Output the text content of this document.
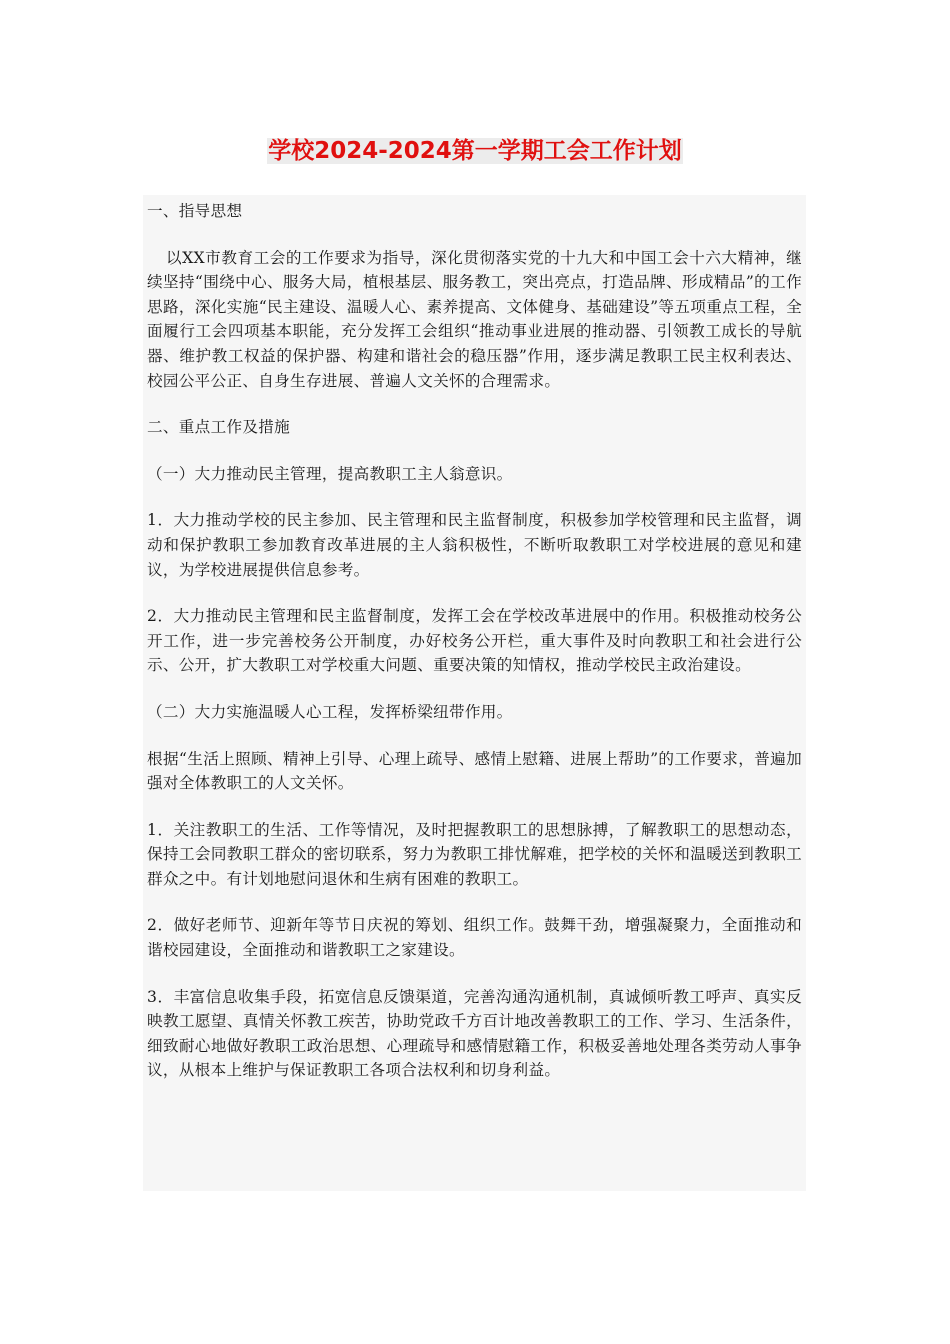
学校2024-2024第一学期工会工作计划

一、指导思想

以XX市教育工会的工作要求为指导，深化贯彻落实党的十九大和中国工会十六大精神，继续坚持“围绕中心、服务大局，植根基层、服务教工，突出亮点，打造品牌、形成精品”的工作思路，深化实施“民主建设、温暖人心、素养提高、文体健身、基础建设”等五项重点工程，全面履行工会四项基本职能，充分发挥工会组织“推动事业进展的推动器、引领教工成长的导航器、维护教工权益的保护器、构建和谐社会的稳压器”作用，逐步满足教职工民主权利表达、校园公平公正、自身生存进展、普遍人文关怀的合理需求。

二、重点工作及措施

（一）大力推动民主管理，提高教职工主人翁意识。

1．大力推动学校的民主参加、民主管理和民主监督制度，积极参加学校管理和民主监督，调动和保护教职工参加教育改革进展的主人翁积极性，不断听取教职工对学校进展的意见和建议，为学校进展提供信息参考。

2．大力推动民主管理和民主监督制度，发挥工会在学校改革进展中的作用。积极推动校务公开工作，进一步完善校务公开制度，办好校务公开栏，重大事件及时向教职工和社会进行公示、公开，扩大教职工对学校重大问题、重要决策的知情权，推动学校民主政治建设。

（二）大力实施温暖人心工程，发挥桥梁纽带作用。

根据“生活上照顾、精神上引导、心理上疏导、感情上慰籍、进展上帮助”的工作要求，普遍加强对全体教职工的人文关怀。

1．关注教职工的生活、工作等情况，及时把握教职工的思想脉搏，了解教职工的思想动态，保持工会同教职工群众的密切联系，努力为教职工排忧解难，把学校的关怀和温暖送到教职工群众之中。有计划地慰问退休和生病有困难的教职工。

2．做好老师节、迎新年等节日庆祝的筹划、组织工作。鼓舞干劲，增强凝聚力，全面推动和谐校园建设，全面推动和谐教职工之家建设。

3．丰富信息收集手段，拓宽信息反馈渠道，完善沟通沟通机制，真诚倾听教工呼声、真实反映教工愿望、真情关怀教工疾苦，协助党政千方百计地改善教职工的工作、学习、生活条件，细致耐心地做好教职工政治思想、心理疏导和感情慰籍工作，积极妥善地处理各类劳动人事争议，从根本上维护与保证教职工各项合法权利和切身利益。
